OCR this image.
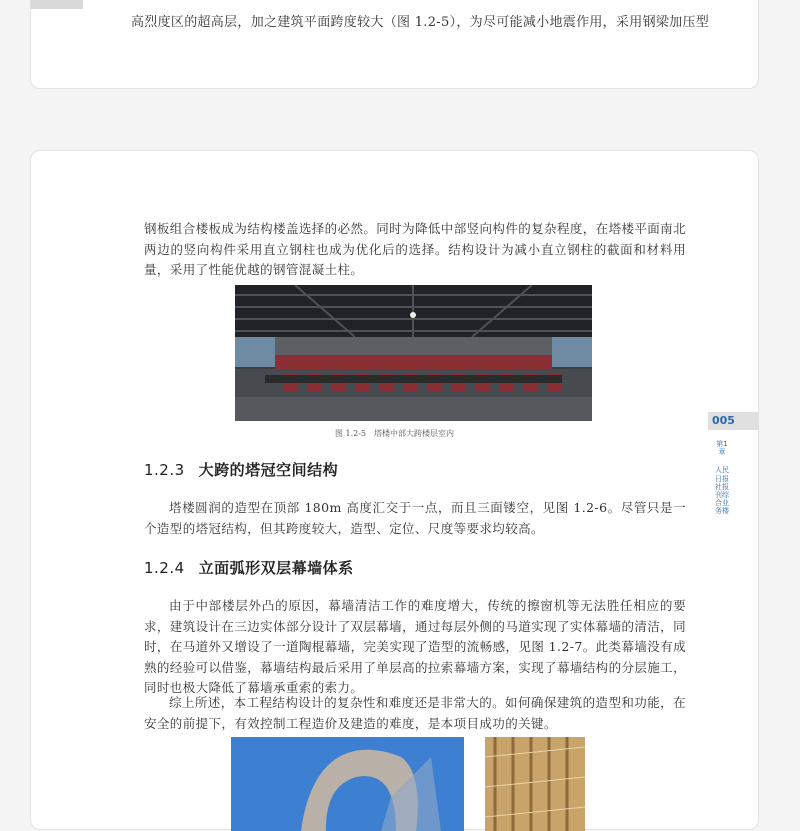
高烈度区的超高层，加之建筑平面跨度较大（图 1.2-5），为尽可能减小地震作用，采用钢梁加压型

钢板组合楼板成为结构楼盖选择的必然。同时为降低中部竖向构件的复杂程度，在塔楼平面南北两边的竖向构件采用直立钢柱也成为优化后的选择。结构设计为减小直立钢柱的截面和材料用量，采用了性能优越的钢管混凝土柱。

图 1.2-5　塔楼中部大跨楼层室内
1.2.3 大跨的塔冠空间结构

塔楼圆润的造型在顶部 180m 高度汇交于一点，而且三面镂空，见图 1.2-6。尽管只是一个造型的塔冠结构，但其跨度较大，造型、定位、尺度等要求均较高。

1.2.4 立面弧形双层幕墙体系

由于中部楼层外凸的原因，幕墙清洁工作的难度增大，传统的擦窗机等无法胜任相应的要求，建筑设计在三边实体部分设计了双层幕墙，通过每层外侧的马道实现了实体幕墙的清洁，同时，在马道外又增设了一道陶棍幕墙，完美实现了造型的流畅感，见图 1.2-7。此类幕墙没有成熟的经验可以借鉴，幕墙结构最后采用了单层高的拉索幕墙方案，实现了幕墙结构的分层施工，同时也极大降低了幕墙承重索的索力。

综上所述，本工程结构设计的复杂性和难度还是非常大的。如何确保建筑的造型和功能，在安全的前提下，有效控制工程造价及建造的难度，是本项目成功的关键。

005
第1章
人民日报社报刊综合业务楼
